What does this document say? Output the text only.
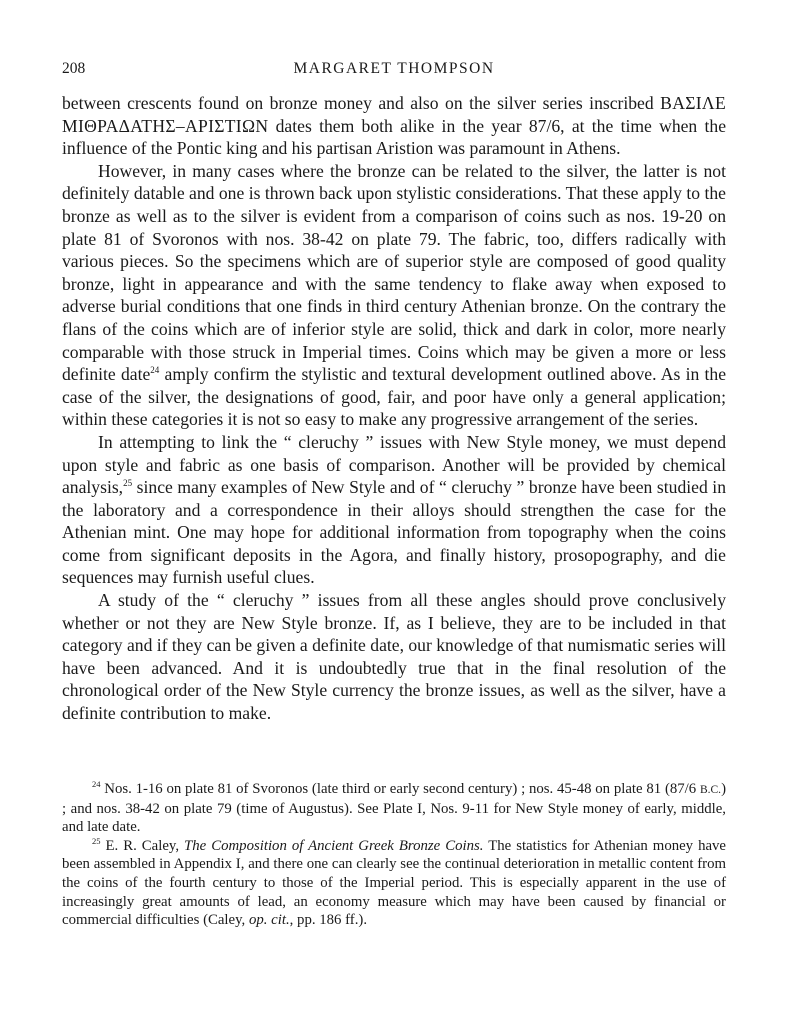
208	MARGARET THOMPSON

between crescents found on bronze money and also on the silver series inscribed ΒΑΣΙΛΕ ΜΙΘΡΑΔΑΤΗΣ–ΑΡΙΣΤΙΩΝ dates them both alike in the year 87/6, at the time when the influence of the Pontic king and his partisan Aristion was paramount in Athens.

However, in many cases where the bronze can be related to the silver, the latter is not definitely datable and one is thrown back upon stylistic considerations. That these apply to the bronze as well as to the silver is evident from a comparison of coins such as nos. 19-20 on plate 81 of Svoronos with nos. 38-42 on plate 79. The fabric, too, differs radically with various pieces. So the specimens which are of superior style are composed of good quality bronze, light in appearance and with the same tendency to flake away when exposed to adverse burial conditions that one finds in third century Athenian bronze. On the contrary the flans of the coins which are of inferior style are solid, thick and dark in color, more nearly comparable with those struck in Imperial times. Coins which may be given a more or less definite date$^{24}$ amply confirm the stylistic and textural development outlined above. As in the case of the silver, the designations of good, fair, and poor have only a general application; within these categories it is not so easy to make any progressive arrangement of the series.

In attempting to link the “ cleruchy ” issues with New Style money, we must depend upon style and fabric as one basis of comparison. Another will be provided by chemical analysis,$^{25}$ since many examples of New Style and of “ cleruchy ” bronze have been studied in the laboratory and a correspondence in their alloys should strengthen the case for the Athenian mint. One may hope for additional information from topography when the coins come from significant deposits in the Agora, and finally history, prosopography, and die sequences may furnish useful clues.

A study of the “ cleruchy ” issues from all these angles should prove conclusively whether or not they are New Style bronze. If, as I believe, they are to be included in that category and if they can be given a definite date, our knowledge of that numismatic series will have been advanced. And it is undoubtedly true that in the final resolution of the chronological order of the New Style currency the bronze issues, as well as the silver, have a definite contribution to make.

$^{24}$ Nos. 1-16 on plate 81 of Svoronos (late third or early second century) ; nos. 45-48 on plate 81 (87/6 B.C.) ; and nos. 38-42 on plate 79 (time of Augustus). See Plate I, Nos. 9-11 for New Style money of early, middle, and late date.

$^{25}$ E. R. Caley, The Composition of Ancient Greek Bronze Coins. The statistics for Athenian money have been assembled in Appendix I, and there one can clearly see the continual deterioration in metallic content from the coins of the fourth century to those of the Imperial period. This is especially apparent in the use of increasingly great amounts of lead, an economy measure which may have been caused by financial or commercial difficulties (Caley, op. cit., pp. 186 ff.).
